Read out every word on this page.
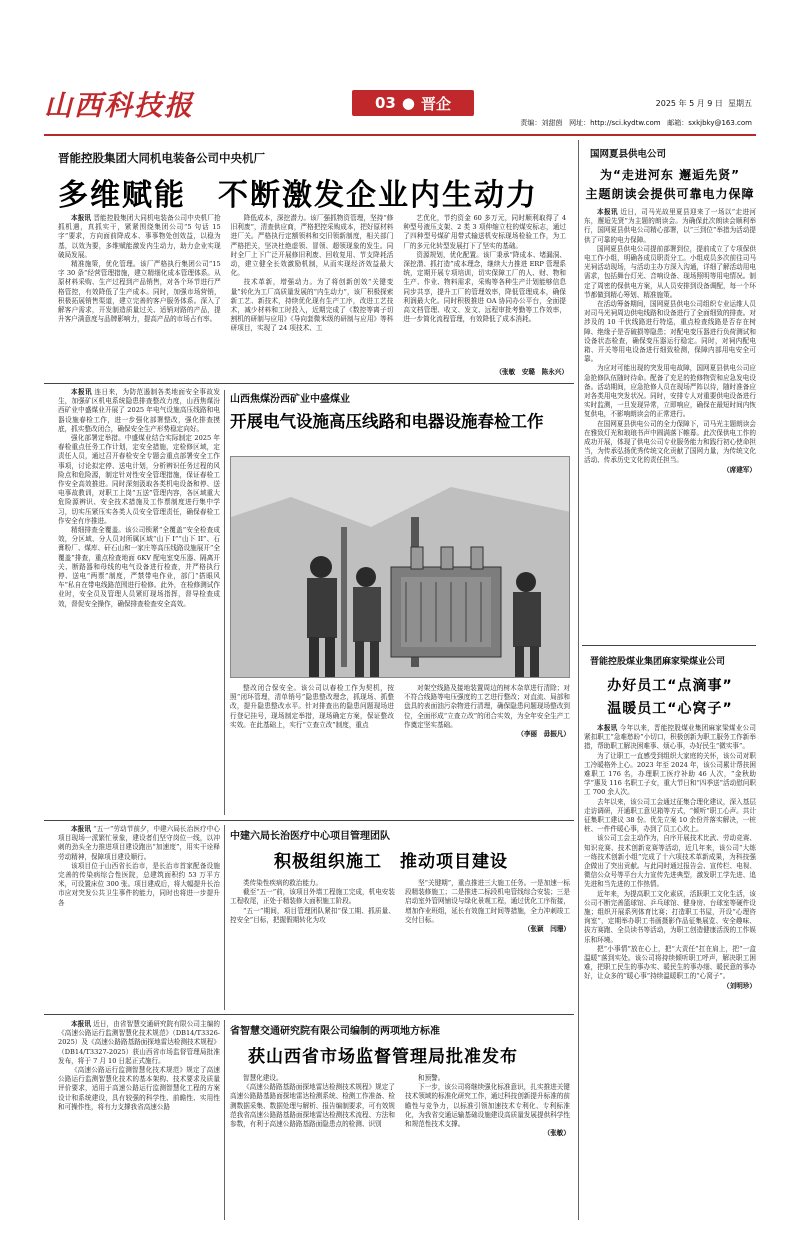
山西科技报	03 ● 晋企	2025 年 5 月 9 日 星期五
责编：刘甜茵 网址：http://sci.kydtw.com 邮箱：sxkjbky@163.com
晋能控股集团大同机电装备公司中央机厂
多维赋能　不断激发企业内生动力

本报讯 晋能控股集团大同机电装备公司中央机厂抢抓机遇，真抓实干，紧紧围绕集团公司“5 句话 15 字”要求，方向面前降成本、事事物处创效益，以稳为基，以效为要，多维赋能激发内生动力，助力企业实现破局发展。

精准施策，优化管理。该厂严格执行集团公司“15 字 30 条”经营管理措施，建立精细化成本管理体系。从原材料采购、生产过程到产品销售，对各个环节进行严格管控，有效降低了生产成本。同时，加强市场营销，积极拓展销售渠道，建立完善的客户服务体系。深入了解客户需求，开发制造质量过关、适销对路的产品，提升客户满意度与品牌影响力，提高产品的市场占有率。

降低成本，深挖潜力。该厂强抓物资管理，坚持“修旧利废”，清查供应商，严格把控采购成本，把好原材料进厂关。严格执行定额领料和交旧领新制度，相关部门严格把关，坚决杜绝虚领、冒领、超领现象的发生。同时全厂上下广泛开展修旧利废、回收复用、节支降耗活动，建立健全长效激励机制，从而实现经济效益最大化。

技术革新，增强动力。为了将创新创效“关键变量”转化为工厂高质量发展的“内生动力”，该厂积极探索新工艺、新技术，持续优化现有生产工序，改进工艺技术，减少材料和工时投入，近期完成了《数控等离子切割机的研制与应用》《导向套微米级的研制与应用》等科研项目，实现了 24 项技术、工

艺优化，节约资金 60 多万元，同时顺利取得了 4 种型号液压支架、2 类 3 项伸缩立柱的煤安标志，通过了四种型号煤矿用带式输送机安标现场检验工作，为工厂的多元化转型发展打下了坚实的基础。

资源规划，优化配置。该厂秉承“降成本、堵漏洞、深挖潜、抓打造”成本理念，继续大力推进 ERP 管理系统，定期开展专项培训，切实保障工厂的人、财、物和生产、作业、物料需求，采购等各种生产计划能够信息同步共享，提升工厂的管理效率，降低管理成本，确保利润最大化。同时积极推进 OA 协同办公平台，全面提高文档管理、收文、发文、远程审批考勤等工作效率，进一步简化流程管理，有效降低了成本消耗。

（张敏　安璐　陈永兴）
国网夏县供电公司
为“走进河东 邂逅先贤”
主题朗读会提供可靠电力保障

本报讯 近日，司马光故里夏县迎来了一场以“走进河东，邂逅先贤”为主题的朗读会。为确保此次朗读会顺利举行，国网夏县供电公司精心部署，以“三到位”举措为活动提供了可靠的电力保障。

国网夏县供电公司提前部署到位，提前成立了专项保供电工作小组，明确各成员职责分工。小组成员多次前往司马光祠活动现场，与活动主办方深入沟通，详细了解活动用电需求，包括舞台灯光、音响设备、现场照明等用电情况。制定了周密的保供电方案，从人员安排到设备调配，每一个环节都做到精心筹划、精准施策。

在活动筹备期间，国网夏县供电公司组织专业运维人员对司马光祠周边供电线路和设备进行了全面细致的排查。对涉及的 10 千伏线路进行特巡，重点检查线路是否存在树障、绝缘子是否破损等隐患；对配电变压器进行负荷测试和设备状态检查，确保变压器运行稳定。同时，对祠内配电箱、开关等用电设备进行细致检测，保障内部用电安全可靠。

为应对可能出现的突发用电故障，国网夏县供电公司应急抢修队伍随时待命。配备了充足的抢修物资和应急发电设备。活动期间，应急抢修人员在现场严阵以待，随时准备应对各类用电突发状况。同时，安排专人对重要供电设备进行实时监测，一旦发现异常，立即响应，确保在最短时间内恢复供电，不影响朗读会的正常进行。

在国网夏县供电公司的全力保障下，司马光主题朗读会在雅致灯光和琅琅书声中圆满落下帷幕。此次保供电工作的成功开展，体现了供电公司专业服务能力和践行初心使命担当，为传承弘扬优秀传统文化贡献了国网力量，为传统文化活动、传承历史文化的责任担当。

（席建军）
晋能控股煤业集团麻家梁煤业公司
办好员工“点滴事”
温暖员工“心窝子”

本报讯 今年以来，晋能控股煤业集团麻家梁煤业公司紧扣职工“急难愁盼”小切口，积极创新为职工服务工作新举措，帮助职工解决困难事、烦心事，办好民生“微实事”。

为了让职工一直感受到组织大家庭的关怀，该公司对职工冷暖格外上心。2023 年至 2024 年，该公司累计帮扶困难职工 176 名，办理职工医疗补助 46 人次，“金秋助学”惠及 116 名职工子女，重大节日和“四季送”活动慰问职工 700 余人次。

去年以来，该公司工会通过征集合理化建议，深入基层走访调研，开通职工意见箱等方式，“倾听”职工心声。共计征集职工建议 38 份。优先立案 10 余份并落实解决，一桩桩、一件件暖心事，办到了员工心坎上。

该公司工会主动作为，自序开展技术比武、劳动竞赛、知识竞赛、技术创新竞赛等活动，近几年来，该公司“大练一练技术创新小组”完成了十六项技术革新成果，为科技强企做出了突出贡献。与此同时通过报告会、宣传栏、电视、微信公众号等平台大力宣传先进典型，激发职工学先进、追先进和当先进的工作热情。

近年来，为提高职工文化素质，活跃职工文化生活，该公司不断完善篮球馆、乒乓球馆、健身房、台球室等硬件设施；组织开展系列体育比赛；打造职工书屋，开设“心理咨询室”，定期举办职工书画摄影作品征集展览、安全趣味、拔方赛跑、全员读书等活动，为职工创造健康活泼的工作娱乐和环境。

把“小事情”放在心上，把“大责任”扛在肩上，把“一盒温暖”落到实处。该公司将持续倾听职工呼声，解决职工困难，把职工民生的事办实、暖民生的事办细、暖民意的事办好，让众多的“暖心事”持续温暖职工的“心窝子”。

（刘明珍）

本报讯 连日来，为防范遏制各类地面安全事故发生，加强矿区机电系统隐患排查整改力度，山西焦煤汾西矿业中盛煤业开展了 2025 年电气设施高压线路和电器设施春检工作，进一步强化部署整改，强化排查摸底，抓实整改闭合，确保安全生产形势稳定向好。

强化部署定举措。中盛煤业结合实际制定 2025 年春检重点任务工作计划，定安全措施，定检修区域，定责任人员，通过召开春检安全专题会重点部署安全工作事项，讨论拟定停、送电计划，分析辨识任务过程的风险点和危险源，制定针对性安全管理措施，保证春检工作安全高效推进。同时深刻汲取各类机电设备和停、送电事故教训，对职工上岗“五送”管理内容，各区域重大危险源辨识、安全技术措施及工作票制度进行集中学习，切实压紧压实各类人员安全管理责任，确保春检工作安全有序推进。

精细排查全覆盖。该公司锁紧“全覆盖”安全检查成效，分区域、分人员对所属区域“山下 I”“山下 II”、石膏粉厂、煤库、矸石山和一家庄等高压线路设施展开“全覆盖”排查，重点检查地面 6KV 配电室变压器、隔离开关、断路器和母线的电气设备进行检查，并严格执行停、送电“两票”制度，严禁带电作业，部门“搭眼风车”私自在带电线路范围进行检修。此外，在检修测试作业时，安全员及管理人员紧盯现场指挥，督导检查成效，督促安全操作，确保排查检查安全高效。

山西焦煤汾西矿业中盛煤业
开展电气设施高压线路和电器设施春检工作

整改闭合保安全。该公司以春检工作为契机，按照“闭环管理，清单销号”隐患整改理念，抓现场、抓整改，提升隐患整改水平。针对排查出的隐患问题现场进行登记挂号，现场制定举措，现场确定方案，保证整改实效。在此基础上，实行“立查立改”制度，重点

对架空线路及接地装置周边的树木杂草进行清除；对不符合线路等电压强度的工艺进行整改；对直流、局部和盘具的表面油污杂物进行清理，确保隐患问题现场整改到位，全面形成“立查立改”的闭合实效，为全年安全生产工作奠定坚实基础。

（李丽　毋振凡）

本报讯 “五一”劳动节前夕，中建六局长治医疗中心项目现场一派繁忙景象，建设者们坚守岗位一线，以冲刺的劲头全力推进项目建设跑出“加速度”，用实干诠释劳动精神，保障项目建设顺行。

该项目位于山西省长治市，是长治市首家配备设施完善的传染病综合性医院，总建筑面积约 53 万平方米，可设置床位 300 张。项目建成后，将大幅提升长治市应对突发公共卫生事件的能力，同时也将进一步提升各

中建六局长治医疗中心项目管理团队
积极组织施工　推动项目建设

类传染性疾病的救治能力。

截至“五一”前，该项目外墙工程施工完成，机电安装工程收尾，正处于精装修大面积施工阶段。

“五一”期间，项目管理团队紧扣“保工期、抓质量、控安全”目标，把握假期转化为攻

坚“关键期”，重点推进三大施工任务。一是加速一标段精装修施工；二是推进二标段机电管线综合安装；三是启动室外管网铺设与绿化景观工程，通过优化工序衔接，增加作业班组，延长有效施工时间等措施，全力冲刺竣工交付目标。

（张颖　闫珊）

本报讯 近日，由省智慧交通研究院有限公司主编的《高速公路运行监测智慧化技术规范》（DB14/T3326-2025）及《高速公路路基路面探地雷达检测技术规程》（DB14/T3327-2025）获山西省市场监督管理局批准发布，将于 7 月 10 日起正式施行。

《高速公路运行监测智慧化技术规范》规定了高速公路运行监测智慧化技术的基本架构、技术要求及质量评价要求，适用于高速公路运行监测智慧化工程的方案设计和系统建设，具有较强的科学性、前瞻性、实用性和可操作性，将有力支撑我省高速公路

省智慧交通研究院有限公司编制的两项地方标准
获山西省市场监督管理局批准发布

智慧化建设。

《高速公路路基路面探地雷达检测技术规程》规定了高速公路路基路面探地雷达检测系统、检测工作准备、检测数据采集、数据处理与解析、报告编制要求，可有效规范我省高速公路路基路面探地雷达检测技术流程、方法和参数，有利于高速公路路基路面隐患点的检测、识别

和预警。

下一步，该公司将继续强化标准意识，扎实推进关键技术领域的标准化研究工作，通过科技创新提升标准的前瞻性与竞争力，以标准引领加速技术专利化、专利标准化，为我省交通运输基础设施建设高质量发展提供科学性和规范性技术支撑。

（张敏）
